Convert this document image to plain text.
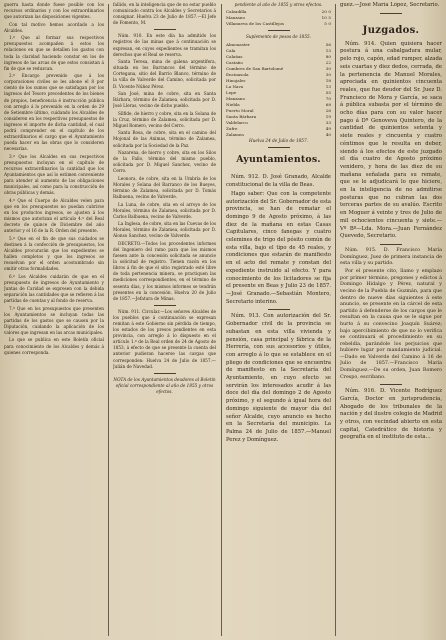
guerra hasta donde fuese posible con los recursos ordinarios y con los extraordinarios que autorizan las disposiciones vigentes.

Con tal motivo hemos acordado a los Alcaldes.

1.º Que al formar sus respectivos presupuestos acompañen á estos los relaciones en que se detallen los gastos con toda la claridad haciendo constar en los de ingresos de las arcas de que estos consistan á fin de que se reduzcan.

2.º Encargo prevenido que á los corporaciones civiles se les abone el 8 por ciento de los sumos que se satisfagan por los ingresos del Tesoro precedentes de los bienes de propios, beneficencia é instrucción pública con arreglo á lo prevenido en la orden de 29 de Setiembre último, cuidando los Alcaldes de consideren en los respectivos presupuestos de ingresos el importe de dicha cantidad, el cual podrá comprender en el capítulo de los extraordinarios el cargo que el Ayuntamiento pueda hacer en las obras que lo consideren necesarias.

3.º Que los Alcaldes en sus respectivos presupuestos incluyan en el capítulo de recursos extraordinarios la cantidad que los Ayuntamientos que así lo estimen conveniente para atender al aumento de las obligaciones municipales, así como para la construcción de obras públicas y demás.

4.º Que el Cuerpo de Alcaldes velen para que en los presupuestos no puedan cubrirse en los productos ingresos, se ajusten á los mismos que autorizan el artículo 4.º del Real decreto de quince de Diciembre del año anterior y el 16 de la R. Orden del presente.

5.º Que en el fin de que sus cuidados se destinen á la confección de presupuestos, los Alcaldes procurarán que los expedientes se hallen completos y que los ingresos se resuelvan por el orden acostumbrado sin omitir otras formalidades.

6.º Los Alcaldes cuidarán de que en el presupuesto de ingresos de Ayuntamiento y Juntas de Caridad se expresen con la debida separación las cantidades que se refieren á las partidas de cuentas y al fondo de reserva.

7.º Que en los presupuestos que presenten los Ayuntamientos se incluyan todas las partidas de los gastos que se causen por la Diputación, cuidando la aplicación de los valores que ingresan en las arcas municipales.

Lo que se publica en este Boletín oficial para conocimiento de los Alcaldes y demás á quienes corresponda.

fallido, en la inteligencia que de no estar pueblo comunicado contra los Alcaldes y Secretarios á consignar. Huelva 23 de Julio de 1857.—El Jefe de Fomento, M.

Núm. 910. En este día ha admitido los registros de las minas que á continuación se expresan, en cuyos expedientes se tramitan los derechos que el Real se reserva.

Santa Teresa, mina de galena argentífera, situada en los Barrancos del término de Cortegana, sitio del Barrio Blanco, término de la villa de Valverde del Camino, solicitada por D. Vicente Núñez Pérez.

San José, mina de cobre, sita en Santa Bárbara, término de Zalamea, solicitada por D. José Lleras, vecino de dicho pueblo.

Sílfide, de hierro y cobre, sita en la Solana de la Cruz, término de Zalamea, solicitada por D. Miguel Romero, vecino del Cerro.

Santa Rosa, de cobre, sita en el camino del Mojonal de las Animas, término de Zalamea, solicitada por la Sociedad de la Paz.

Nazarena, de hierro y cobre, sita en los Silos de la Fallo, término del mismo pueblo, solicitada por D. Miguel Sanchez, vecino de Cerro.

Leonora, de cobre, sita en la Umbría de los Morales y Solana del Barranco de los Bueyes, término de Zalamea, solicitada por D. Tomás Balbuena, vecino de Valverde.

La Luna, de cobre, sita en el arroyo de los Morales, término de Zalamea, solicitada por D. Carlos Balbuena, vecino de Valverde.

La Inglesa, de cobre, sita en las Cuevas de los Morales, término de Zalamea, solicitada por D. Alonso Sanchez, vecino de Valverde.

DECRETO.—Todos los procedentes informes del Ingeniero del ramo para que los mismos fuesen ante la concesión solicitada se anuncie la solicitud de registro. Tienen razón en los libros á fin de que el sitio registrado esté libre de toda pertenencia minera, se practiquen las mediciones correspondientes, en el término de sesenta días, y los mismos informes se tendrán presentes en la concesión. Huelva 20 de Julio de 1857.—Jefatura de Minas.

Núm. 911. Circular.—Los señores Alcaldes de los pueblos que á continuación se expresan remitan á este Gobierno sin pérdida de tiempo, los estados de los presos pendientes en esta provincia, con arreglo á lo dispuesto en el artículo 1.º de la Real orden de 24 de Agosto de 1853, á efecto de que se presente la cuenta del anterior pudieran hacerse las cargas que corresponden: Huelva 24 de Julio de 1857.—Julián de Navedad.

NOTA de los Ayuntamientos deudores al Boletín oficial correspondiente al año de 1855 y otros efectos.

pendiente al año de 1855 y otros efectos.

Calzadilla	20	0
Manzano	10	5
Villanueva de los Castillejos	5	0

Suplemento de pesos de 1855.

Almonaster	56
Cala	13
Calañas	80
Castaño	22
Cumbres de San Bartolomé	30
Encinasola	30
Hinojales	18
La Nava	13
Lepe	55
Manzano	70
Niebla	68
Puerto Moral	26
Santa Bárbara	19
Valdelarco	33
Zufre	49
Zalamea	40

Huelva 24 de Julio de 1857.

Ayuntamientos.

Núm. 912. D. José Granado, Alcalde constitucional de la villa de Beas.

Hago saber: Que con la competente autorización del Sr. Gobernador de esta provincia, se han de rematar el domingo 9 de Agosto próximo, á las diez de la mañana en estas Casas Capitulares, cinco fanegas y cuatro celemines de trigo del pósito común de esta villa, bajo el tipo de 45 reales, y condiciones que estarán de manifiesto en el acto del remate y constan del expediente instruido al efecto. Y para conocimiento de los licitadores se fija el presente en Beas y Julio 23 de 1857.—José Granado.—Sebastián Montero, Secretario interino.

Núm. 913. Con autorización del Sr. Gobernador civil de la provincia se subastan en esta villa vivienda y pensión, casa principal y fábrica de la Herrería, con sus accesorios y útiles, con arreglo á lo que se establece en el pliego de condiciones que se encuentra de manifiesto en la Secretaría del Ayuntamiento, en cuyo efecto se servirán los interesados acudir á las doce del día del domingo 2 de Agosto próximo, y el segundo á igual hora del domingo siguiente de mayor día del señor Alcalde, cuyo anuncio es hecho en la Secretaría del municipio. La Palma 24 de Julio de 1857.—Manuel Perez y Domínguez.

guez.—José María López, Secretario.

Juzgados.

Núm. 914. Quien quisiera hacer postura á una cabalgadura mular, pelo rojo, capón, edad rumper, alzada seis cuartas y diez dedos, cerrada, de la pertenencia de Manuel Morales, apreciada en quinientos cincuenta reales, que fue deudor del Sr. Juez D. Francisco de Mora y García, se saca á pública subasta por el término de ocho días para con su valor hacer pago á Dª Genoveva Quintero, de la cantidad de quinientos setenta y siete reales y cincuenta y cuatro céntimos que le resulta en deber, siendo á los efectos de este juzgado el día cuatro de Agosto próximo venidero, y hora de las diez de su mañana señalada para su remate, que se le adjudicará lo que hiciere, en la inteligencia de no admitirse posturas que no cubran las dos terceras partes de su avalúo. Escrito en Moguer á veinte y tres de Julio de mil ochocientos cincuenta y siete.—Vº Bº—Lda. Mora.—Juan Fernández Quevedo, Secretario.

Núm. 915. D. Francisco María Domínguez, Juez de primera instancia de esta villa y su partido.

Por el presente cito, llamo y emplazo por primer término, pregones y edictos á Domingo Hidalgo y Pérez, natural y vecino de la Puebla de Guzmán, para que dentro de nueve días siguientes á este anuncio, se presente en la cárcel de esta partido á defenderse de los cargos que le resultan en la causa que se le sigue por hurto á su convecino Joaquín Suárez; bajo apercibimiento de que no lo verifica se continuará el procedimiento en su rebeldía, parándole los perjuicios que hubiere lugar por mandamiento judicial.—Dado en Valverde del Camino á 16 de Julio de 1857.—Francisco María Domínguez.—De su orden, Juan Romero Crespo, escribano.

Núm. 916. D. Vicente Rodríguez García, Doctor en jurisprudencia, Abogado de los tribunales de la nación y del ilustre colegio de Madrid y otros, con vecindad abierto en esta capital, Catedrático de historia y geografía en el instituto de esta...
